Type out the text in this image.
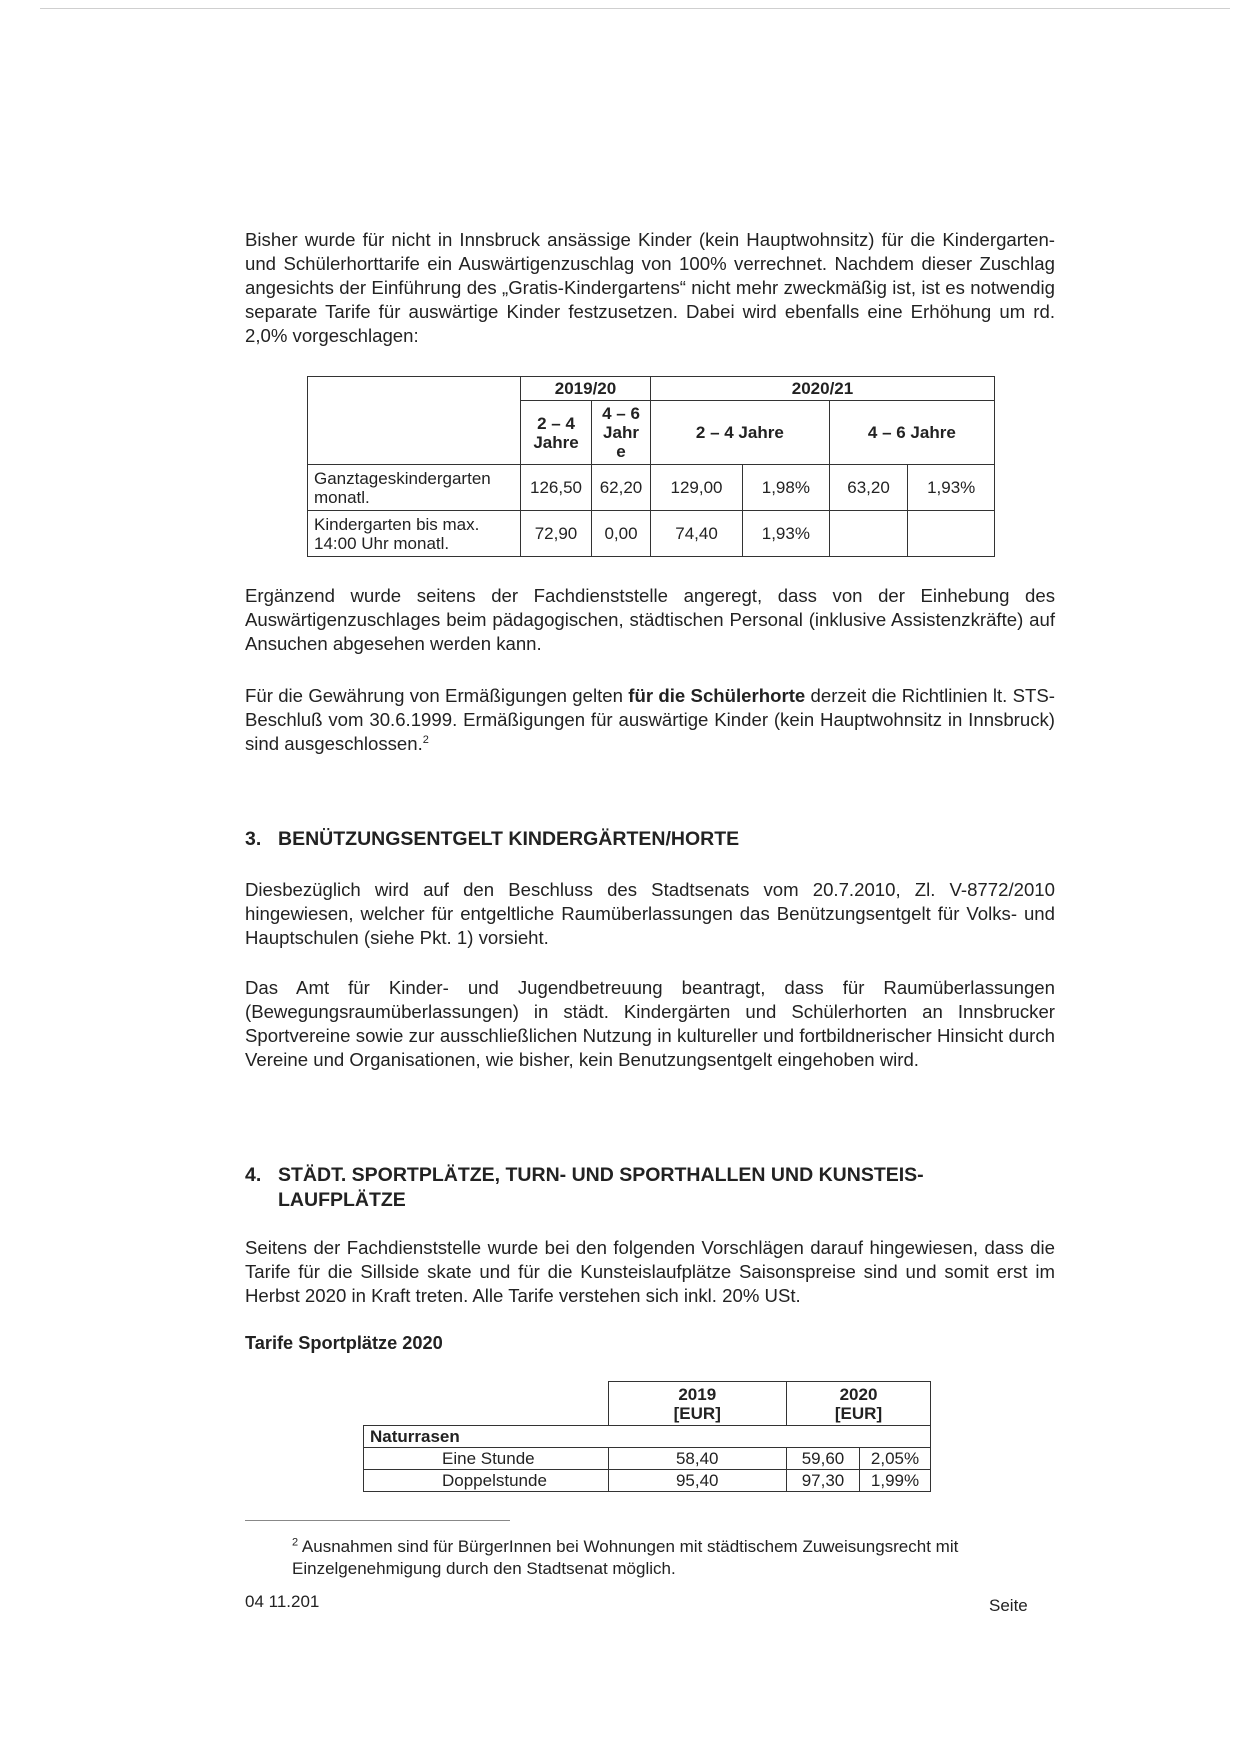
Bisher wurde für nicht in Innsbruck ansässige Kinder (kein Hauptwohnsitz) für die Kindergarten- und Schülerhorttarife ein Auswärtigenzuschlag von 100% verrechnet. Nachdem dieser Zuschlag angesichts der Einführung des „Gratis-Kindergartens“ nicht mehr zweckmäßig ist, ist es notwendig separate Tarife für auswärtige Kinder festzusetzen. Dabei wird ebenfalls eine Erhöhung um rd. 2,0% vorgeschlagen:

	2019/20		2020/21			
	2 – 4 Jahre	4 – 6 Jahr e	2 – 4 Jahre		4 – 6 Jahre	
Ganztageskindergarten monatl.	126,50	62,20	129,00	1,98%	63,20	1,93%
Kindergarten bis max. 14:00 Uhr monatl.	72,90	0,00	74,40	1,93%		

Ergänzend wurde seitens der Fachdienststelle angeregt, dass von der Einhebung des Auswärtigenzuschlages beim pädagogischen, städtischen Personal (inklusive Assistenzkräfte) auf Ansuchen abgesehen werden kann.

Für die Gewährung von Ermäßigungen gelten für die Schülerhorte derzeit die Richtlinien lt. STS-Beschluß vom 30.6.1999. Ermäßigungen für auswärtige Kinder (kein Hauptwohnsitz in Innsbruck) sind ausgeschlossen.$^2$

3. BENÜTZUNGSENTGELT KINDERGÄRTEN/HORTE

Diesbezüglich wird auf den Beschluss des Stadtsenats vom 20.7.2010, Zl. V-8772/2010 hingewiesen, welcher für entgeltliche Raumüberlassungen das Benützungsentgelt für Volks- und Hauptschulen (siehe Pkt. 1) vorsieht.

Das Amt für Kinder- und Jugendbetreuung beantragt, dass für Raumüberlassungen (Bewegungsraumüberlassungen) in städt. Kindergärten und Schülerhorten an Innsbrucker Sportvereine sowie zur ausschließlichen Nutzung in kultureller und fortbildnerischer Hinsicht durch Vereine und Organisationen, wie bisher, kein Benutzungsentgelt eingehoben wird.

4. STÄDT. SPORTPLÄTZE, TURN- UND SPORTHALLEN UND KUNSTEIS-
LAUFPLÄTZE

Seitens der Fachdienststelle wurde bei den folgenden Vorschlägen darauf hingewiesen, dass die Tarife für die Sillside skate und für die Kunsteislaufplätze Saisonspreise sind und somit erst im Herbst 2020 in Kraft treten. Alle Tarife verstehen sich inkl. 20% USt.

Tarife Sportplätze 2020

	2019
[EUR]	2020
[EUR]	
Naturrasen			
Eine Stunde	58,40	59,60	2,05%
Doppelstunde	95,40	97,30	1,99%

$^2$ Ausnahmen sind für BürgerInnen bei Wohnungen mit städtischem Zuweisungsrecht mit Einzelgenehmigung durch den Stadtsenat möglich.

04 11.201	Seite
